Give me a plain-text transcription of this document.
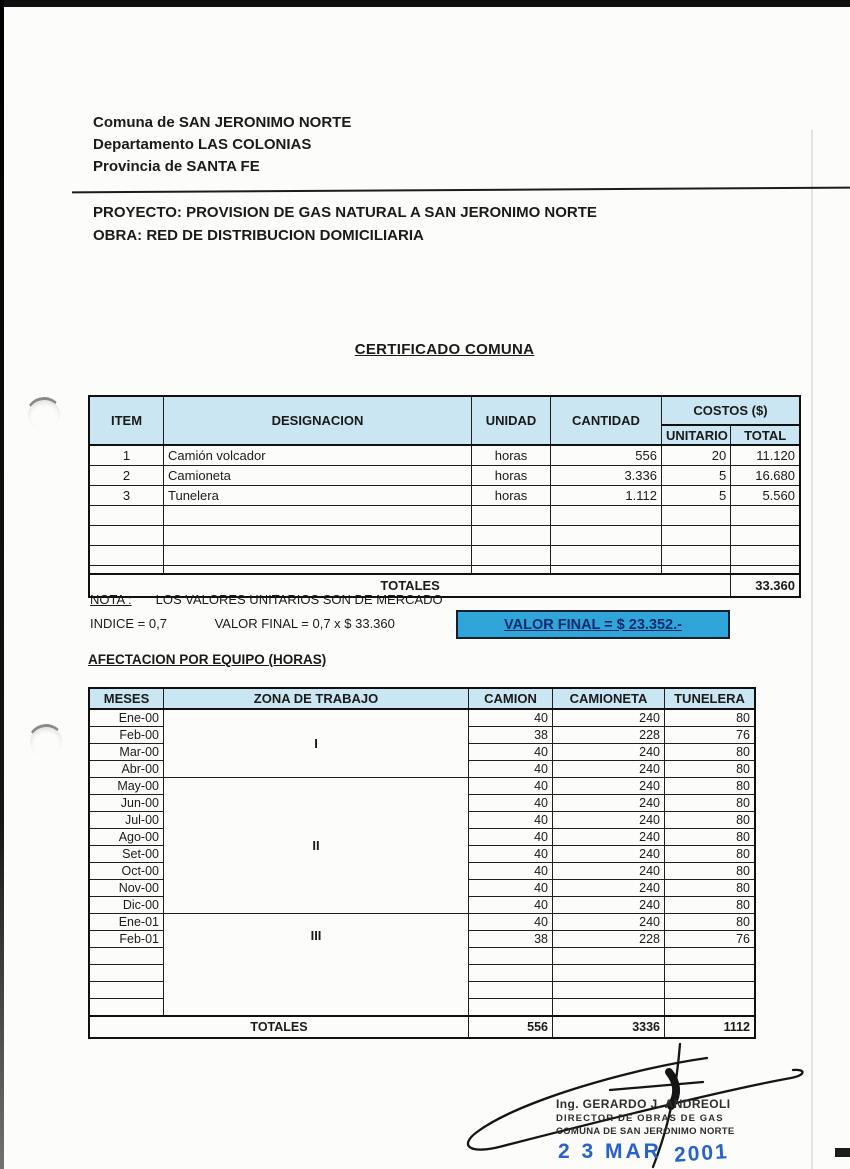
Comuna de SAN JERONIMO NORTE
Departamento LAS COLONIAS
Provincia de SANTA FE
PROYECTO: PROVISION DE GAS NATURAL A SAN JERONIMO NORTE
OBRA: RED DE DISTRIBUCION DOMICILIARIA
CERTIFICADO COMUNA
ITEM	DESIGNACION	UNIDAD	CANTIDAD	COSTOS ($)	
				UNITARIO	TOTAL
1	Camión volcador	horas	556	20	11.120
2	Camioneta	horas	3.336	5	16.680
3	Tunelera	horas	1.112	5	5.560

TOTALES					33.360
NOTA : LOS VALORES UNITARIOS SON DE MERCADO
INDICE = 0,7	VALOR FINAL = 0,7 x $ 33.360	VALOR FINAL = $ 23.352.-
AFECTACION POR EQUIPO (HORAS)
MESES	ZONA DE TRABAJO	CAMION	CAMIONETA	TUNELERA
Ene-00	I	40	240	80
Feb-00		38	228	76
Mar-00		40	240	80
Abr-00		40	240	80
May-00	II	40	240	80
Jun-00		40	240	80
Jul-00		40	240	80
Ago-00		40	240	80
Set-00		40	240	80
Oct-00		40	240	80
Nov-00		40	240	80
Dic-00		40	240	80
Ene-01	III	40	240	80
Feb-01		38	228	76

TOTALES		556	3336	1112
Ing. GERARDO J. ANDREOLI
DIRECTOR DE OBRAS DE GAS
COMUNA DE SAN JERONIMO NORTE
2 3 MAR 2001
